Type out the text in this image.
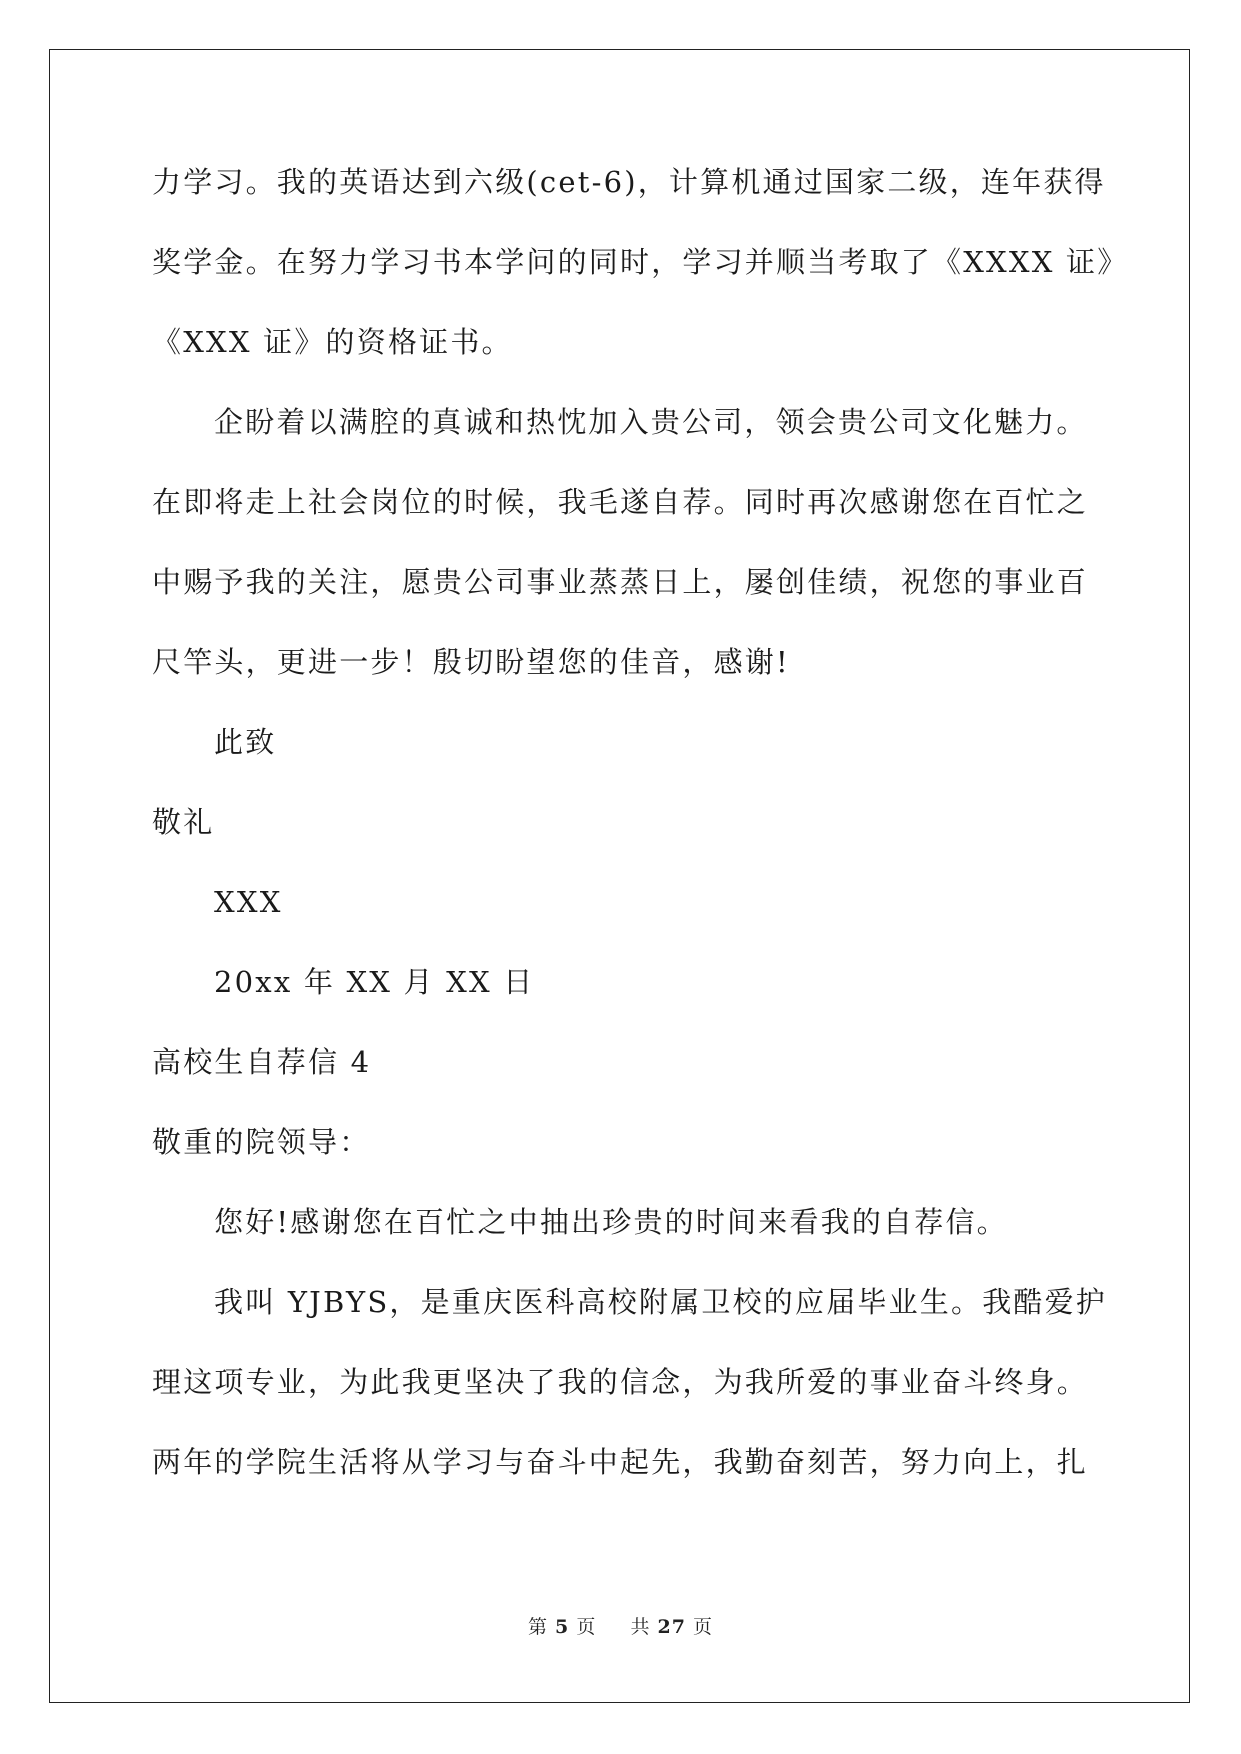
力学习。我的英语达到六级(cet-6)，计算机通过国家二级，连年获得
奖学金。在努力学习书本学问的同时，学习并顺当考取了《XXXX 证》
《XXX 证》的资格证书。
企盼着以满腔的真诚和热忱加入贵公司，领会贵公司文化魅力。
在即将走上社会岗位的时候，我毛遂自荐。同时再次感谢您在百忙之
中赐予我的关注，愿贵公司事业蒸蒸日上，屡创佳绩，祝您的事业百
尺竿头，更进一步！殷切盼望您的佳音，感谢!
此致
敬礼
XXX
20xx 年 XX 月 XX 日
高校生自荐信 4
敬重的院领导：
您好!感谢您在百忙之中抽出珍贵的时间来看我的自荐信。
我叫 YJBYS，是重庆医科高校附属卫校的应届毕业生。我酷爱护
理这项专业，为此我更坚决了我的信念，为我所爱的事业奋斗终身。
两年的学院生活将从学习与奋斗中起先，我勤奋刻苦，努力向上，扎
第 5 页 共 27 页
